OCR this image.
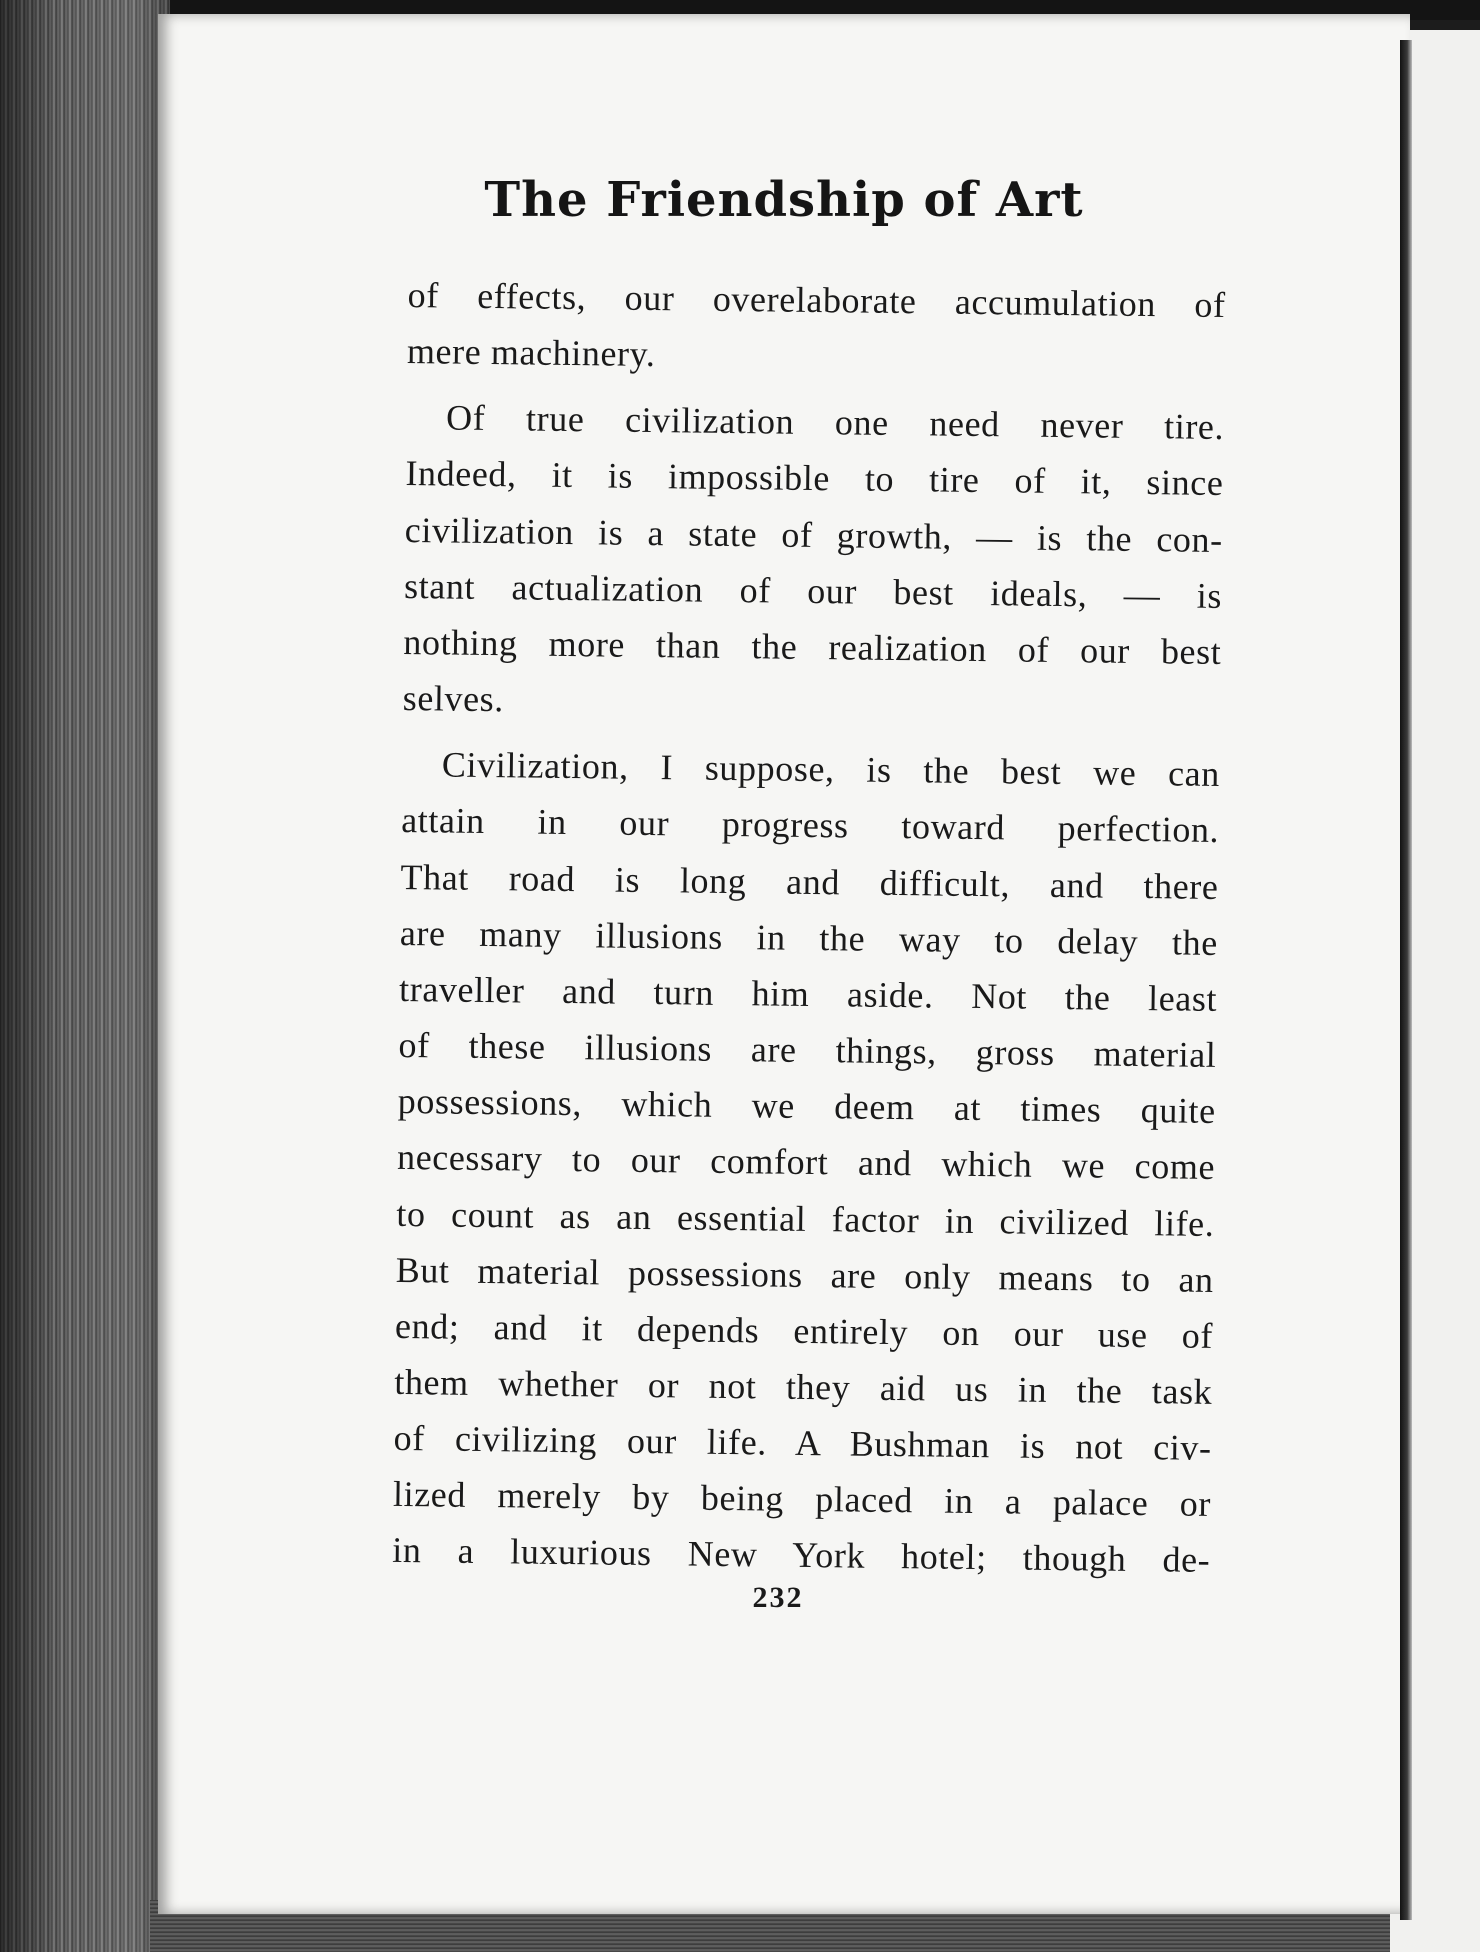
The Friendship of Art

of effects, our overelaborate accumulation of
mere machinery.

Of true civilization one need never tire.
Indeed, it is impossible to tire of it, since
civilization is a state of growth, — is the con-
stant actualization of our best ideals, — is
nothing more than the realization of our best
selves.

Civilization, I suppose, is the best we can
attain in our progress toward perfection.
That road is long and difficult, and there
are many illusions in the way to delay the
traveller and turn him aside. Not the least
of these illusions are things, gross material
possessions, which we deem at times quite
necessary to our comfort and which we come
to count as an essential factor in civilized life.
But material possessions are only means to an
end; and it depends entirely on our use of
them whether or not they aid us in the task
of civilizing our life. A Bushman is not civ-
lized merely by being placed in a palace or
in a luxurious New York hotel; though de-

232
